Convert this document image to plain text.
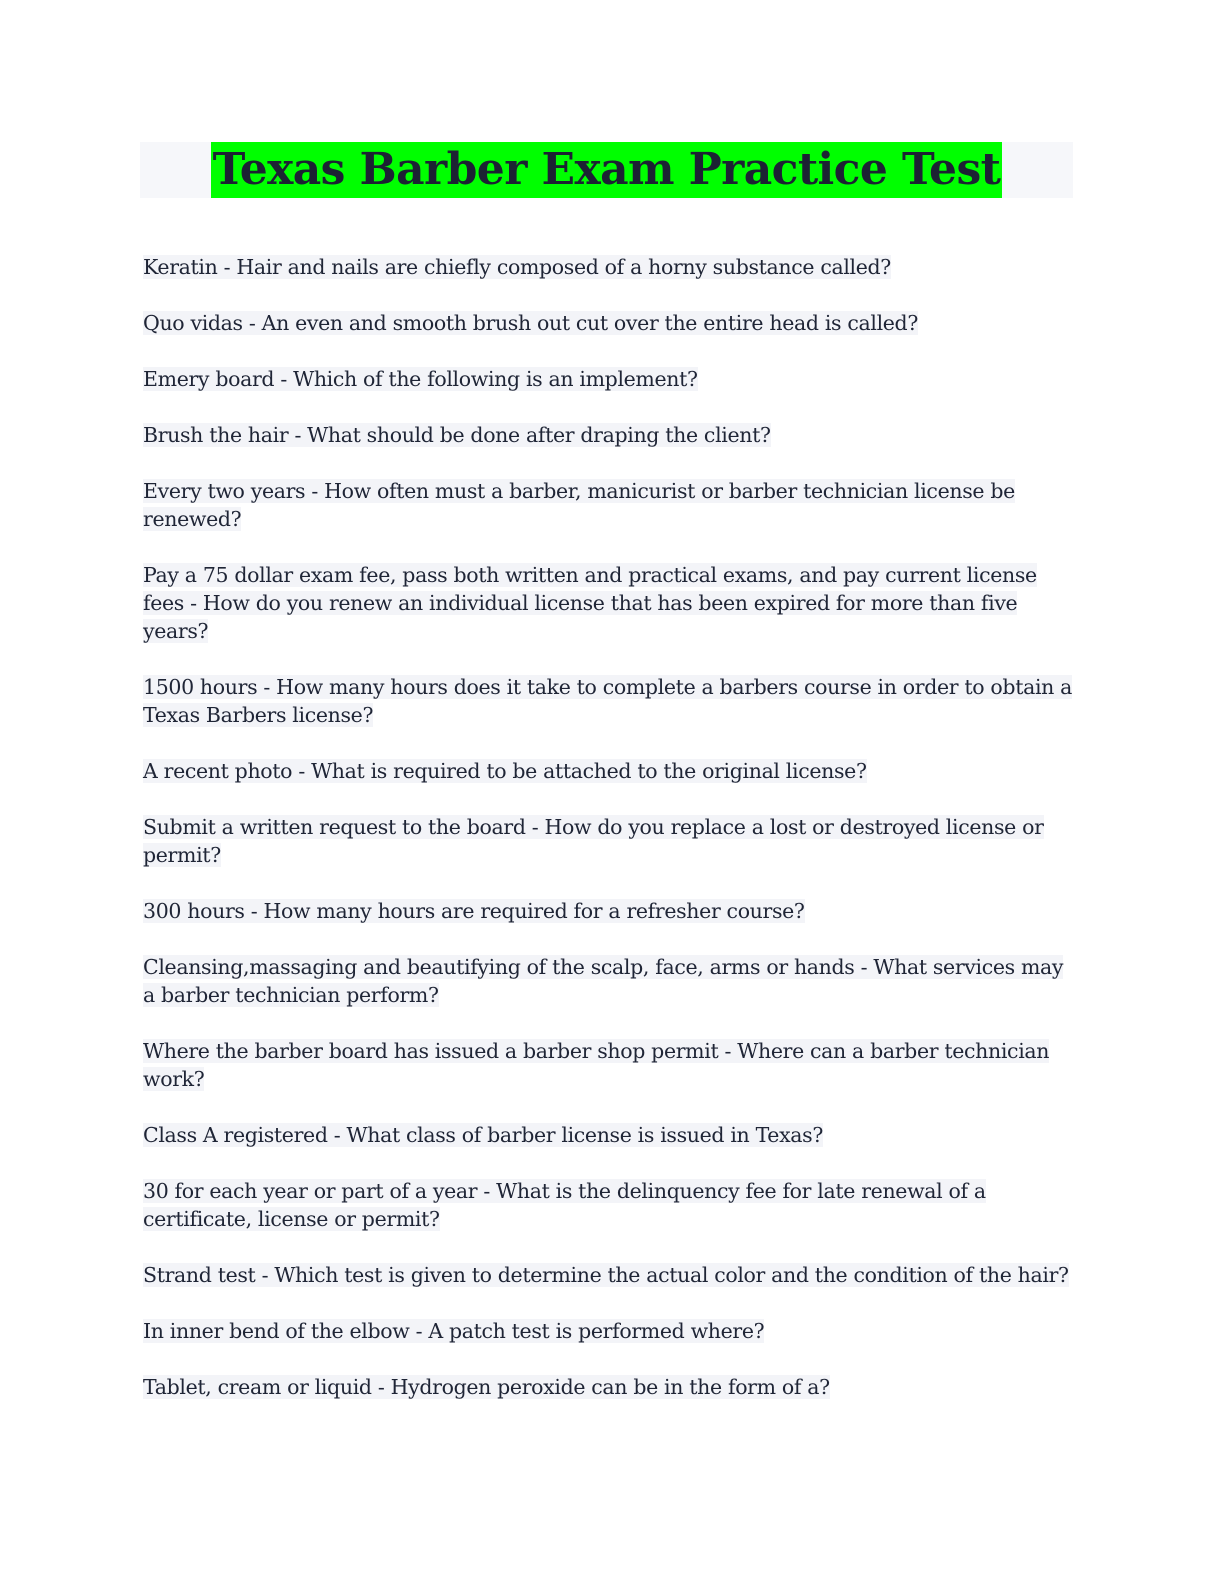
Texas Barber Exam Practice Test
Keratin - Hair and nails are chiefly composed of a horny substance called?
Quo vidas - An even and smooth brush out cut over the entire head is called?
Emery board - Which of the following is an implement?
Brush the hair - What should be done after draping the client?
Every two years - How often must a barber, manicurist or barber technician license be renewed?
Pay a 75 dollar exam fee, pass both written and practical exams, and pay current license fees - How do you renew an individual license that has been expired for more than five years?
1500 hours - How many hours does it take to complete a barbers course in order to obtain a Texas Barbers license?
A recent photo - What is required to be attached to the original license?
Submit a written request to the board - How do you replace a lost or destroyed license or permit?
300 hours - How many hours are required for a refresher course?
Cleansing,massaging and beautifying of the scalp, face, arms or hands - What services may a barber technician perform?
Where the barber board has issued a barber shop permit - Where can a barber technician work?
Class A registered - What class of barber license is issued in Texas?
30 for each year or part of a year - What is the delinquency fee for late renewal of a certificate, license or permit?
Strand test - Which test is given to determine the actual color and the condition of the hair?
In inner bend of the elbow - A patch test is performed where?
Tablet, cream or liquid - Hydrogen peroxide can be in the form of a?
